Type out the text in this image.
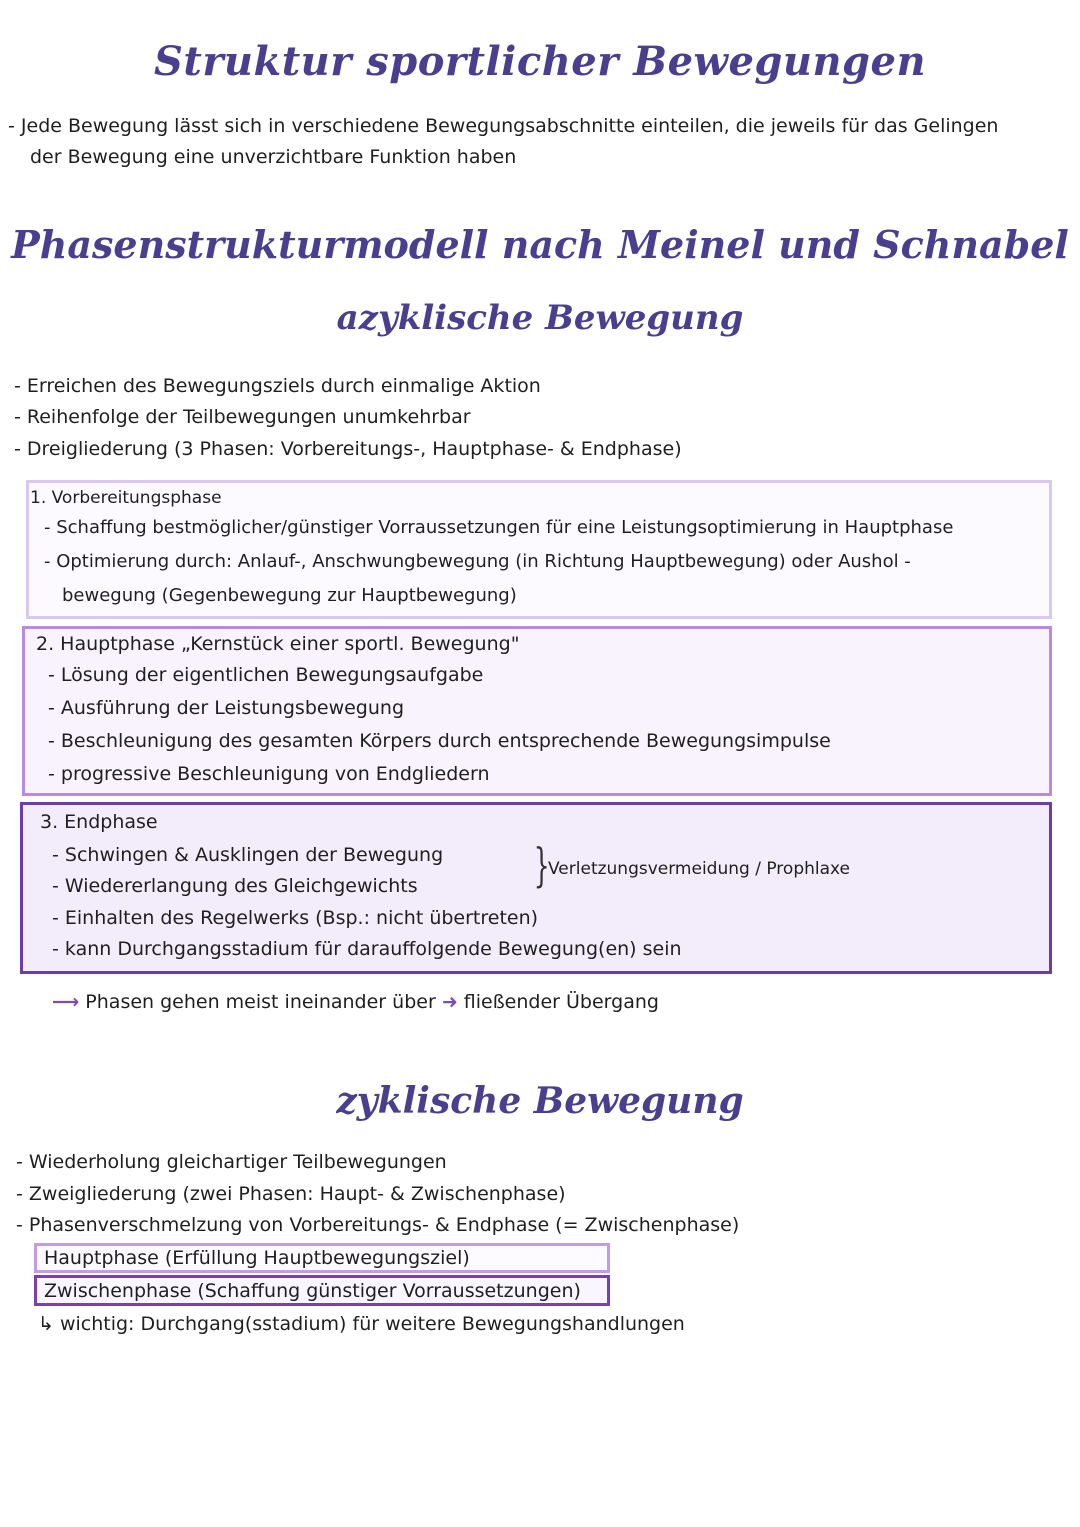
Struktur sportlicher Bewegungen
- Jede Bewegung lässt sich in verschiedene Bewegungsabschnitte einteilen, die jeweils für das Gelingen
der Bewegung eine unverzichtbare Funktion haben
Phasenstrukturmodell nach Meinel und Schnabel
azyklische Bewegung
- Erreichen des Bewegungsziels durch einmalige Aktion
- Reihenfolge der Teilbewegungen unumkehrbar
- Dreigliederung (3 Phasen: Vorbereitungs-, Hauptphase- & Endphase)
1. Vorbereitungsphase
- Schaffung bestmöglicher/günstiger Vorraussetzungen für eine Leistungsoptimierung in Hauptphase
- Optimierung durch: Anlauf-, Anschwungbewegung (in Richtung Hauptbewegung) oder Aushol -
bewegung (Gegenbewegung zur Hauptbewegung)
2. Hauptphase „Kernstück einer sportl. Bewegung"
- Lösung der eigentlichen Bewegungsaufgabe
- Ausführung der Leistungsbewegung
- Beschleunigung des gesamten Körpers durch entsprechende Bewegungsimpulse
- progressive Beschleunigung von Endgliedern
3. Endphase
- Schwingen & Ausklingen der Bewegung
- Wiedererlangung des Gleichgewichts
- Einhalten des Regelwerks (Bsp.: nicht übertreten)
- kann Durchgangsstadium für darauffolgende Bewegung(en) sein
}
Verletzungsvermeidung / Prophlaxe
⟶ Phasen gehen meist ineinander über ➜ fließender Übergang
zyklische Bewegung
- Wiederholung gleichartiger Teilbewegungen
- Zweigliederung (zwei Phasen: Haupt- & Zwischenphase)
- Phasenverschmelzung von Vorbereitungs- & Endphase (= Zwischenphase)
Hauptphase (Erfüllung Hauptbewegungsziel)
Zwischenphase (Schaffung günstiger Vorraussetzungen)
↳ wichtig: Durchgang(sstadium) für weitere Bewegungshandlungen
